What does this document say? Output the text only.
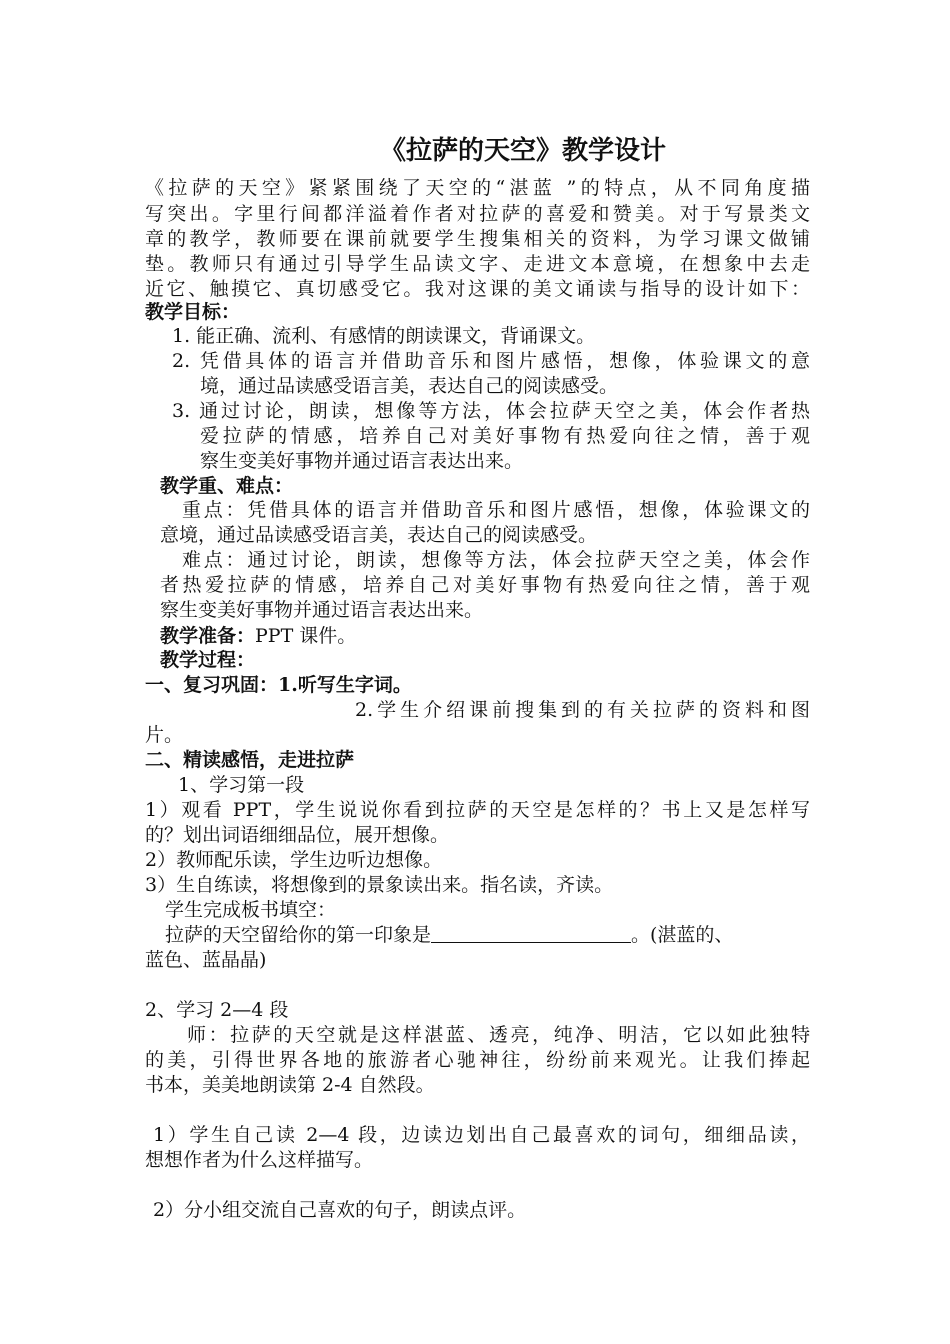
《拉萨的天空》教学设计
《拉萨的天空》紧紧围绕了天空的“湛蓝 ”的特点，从不同角度描
写突出。字里行间都洋溢着作者对拉萨的喜爱和赞美。对于写景类文
章的教学，教师要在课前就要学生搜集相关的资料，为学习课文做铺
垫。教师只有通过引导学生品读文字、走进文本意境，在想象中去走
近它、触摸它、真切感受它。我对这课的美文诵读与指导的设计如下：
教学目标：
1. 能正确、流利、有感情的朗读课文，背诵课文。
2. 凭借具体的语言并借助音乐和图片感悟，想像，体验课文的意
境，通过品读感受语言美，表达自己的阅读感受。
3. 通过讨论，朗读，想像等方法，体会拉萨天空之美，体会作者热
爱拉萨的情感，培养自己对美好事物有热爱向往之情，善于观
察生变美好事物并通过语言表达出来。
教学重、难点：
重点：凭借具体的语言并借助音乐和图片感悟，想像，体验课文的
意境，通过品读感受语言美，表达自己的阅读感受。
难点：通过讨论，朗读，想像等方法，体会拉萨天空之美，体会作
者热爱拉萨的情感，培养自己对美好事物有热爱向往之情，善于观
察生变美好事物并通过语言表达出来。
教学准备：PPT 课件。
教学过程：
一、复习巩固：1.听写生字词。
2.学生介绍课前搜集到的有关拉萨的资料和图
片。
二、精读感悟，走进拉萨
1、学习第一段
1）观看 PPT，学生说说你看到拉萨的天空是怎样的？书上又是怎样写
的？划出词语细细品位，展开想像。
2）教师配乐读，学生边听边想像。
3）生自练读，将想像到的景象读出来。指名读，齐读。
学生完成板书填空：
拉萨的天空留给你的第一印象是	。(湛蓝的、
蓝色、蓝晶晶)
2、学习 2—4 段
师：拉萨的天空就是这样湛蓝、透亮，纯净、明洁，它以如此独特
的美，引得世界各地的旅游者心驰神往，纷纷前来观光。让我们捧起
书本，美美地朗读第 2-4 自然段。
1）学生自己读 2—4 段，边读边划出自己最喜欢的词句，细细品读，
想想作者为什么这样描写。
2）分小组交流自己喜欢的句子，朗读点评。
